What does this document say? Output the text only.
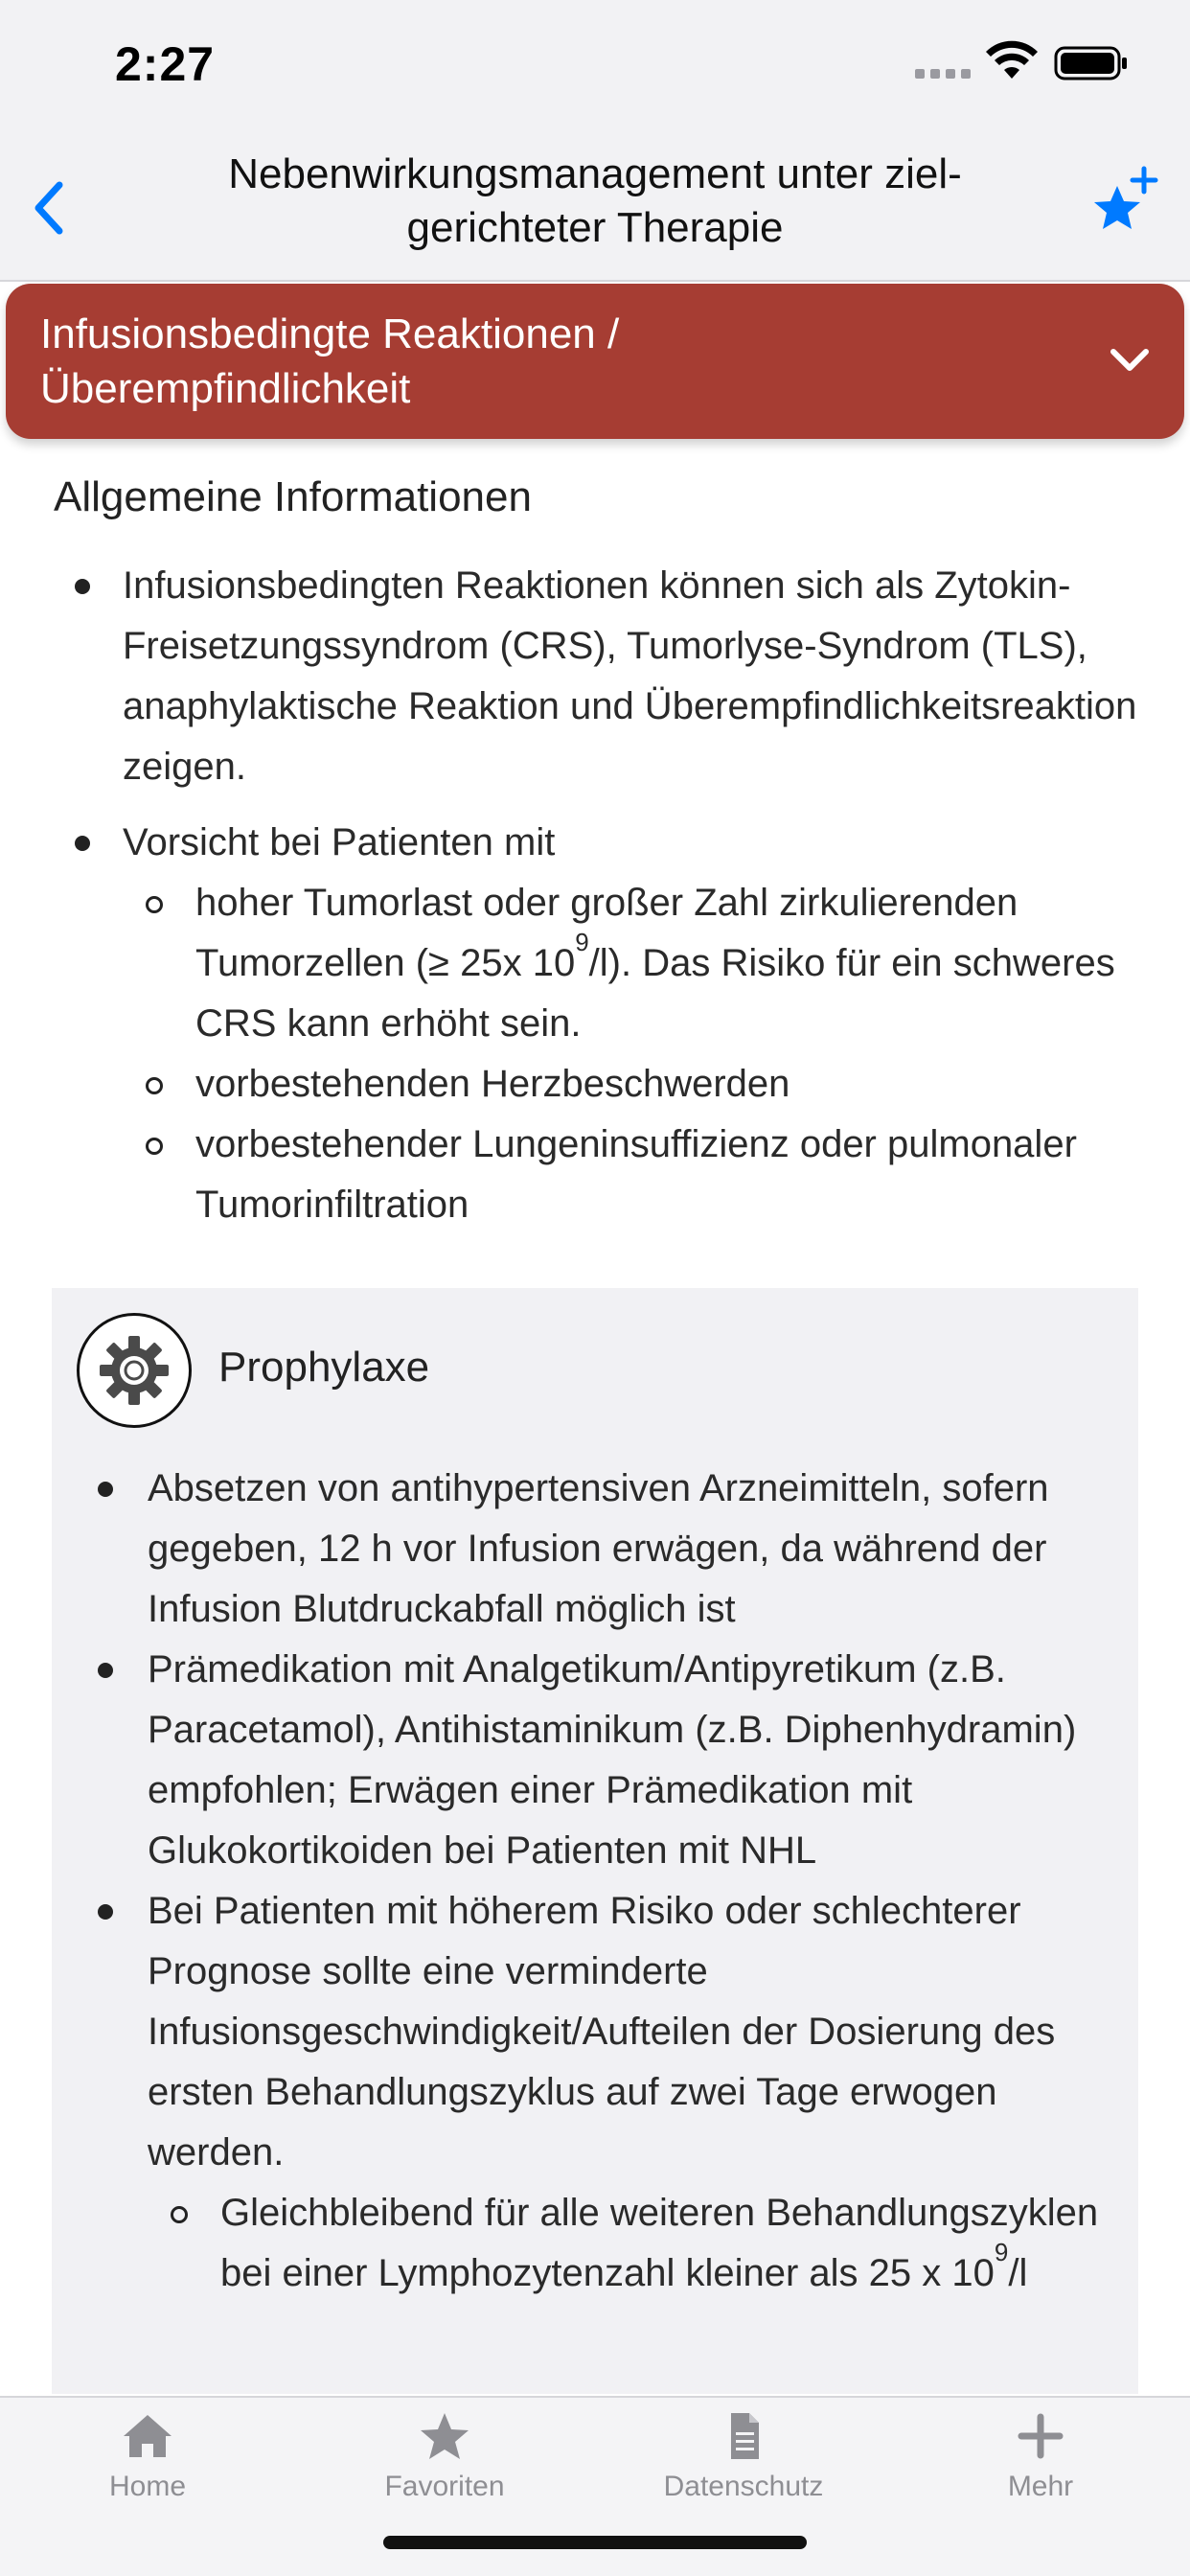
2:27
Nebenwirkungsmanagement unter ziel-gerichteter Therapie
Infusionsbedingte Reaktionen / Überempfindlichkeit
Allgemeine Informationen
Infusionsbedingten Reaktionen können sich als Zytokin-Freisetzungssyndrom (CRS), Tumorlyse-Syndrom (TLS), anaphylaktische Reaktion und Überempfindlichkeitsreaktion zeigen.
Vorsicht bei Patienten mit
hoher Tumorlast oder großer Zahl zirkulierenden Tumorzellen (≥ 25x $10^9/l$). Das Risiko für ein schweres CRS kann erhöht sein.
vorbestehenden Herzbeschwerden
vorbestehender Lungeninsuffizienz oder pulmonaler Tumorinfiltration
Prophylaxe
Absetzen von antihypertensiven Arzneimitteln, sofern gegeben, 12 h vor Infusion erwägen, da während der Infusion Blutdruckabfall möglich ist
Prämedikation mit Analgetikum/Antipyretikum (z.B. Paracetamol), Antihistaminikum (z.B. Diphenhydramin) empfohlen; Erwägen einer Prämedikation mit Glukokortikoiden bei Patienten mit NHL
Bei Patienten mit höherem Risiko oder schlechterer Prognose sollte eine verminderte Infusionsgeschwindigkeit/Aufteilen der Dosierung des ersten Behandlungszyklus auf zwei Tage erwogen werden.
Gleichbleibend für alle weiteren Behandlungszyklen bei einer Lymphozytenzahl kleiner als 25 x $10^9/l$
Home	Favoriten	Datenschutz	Mehr
